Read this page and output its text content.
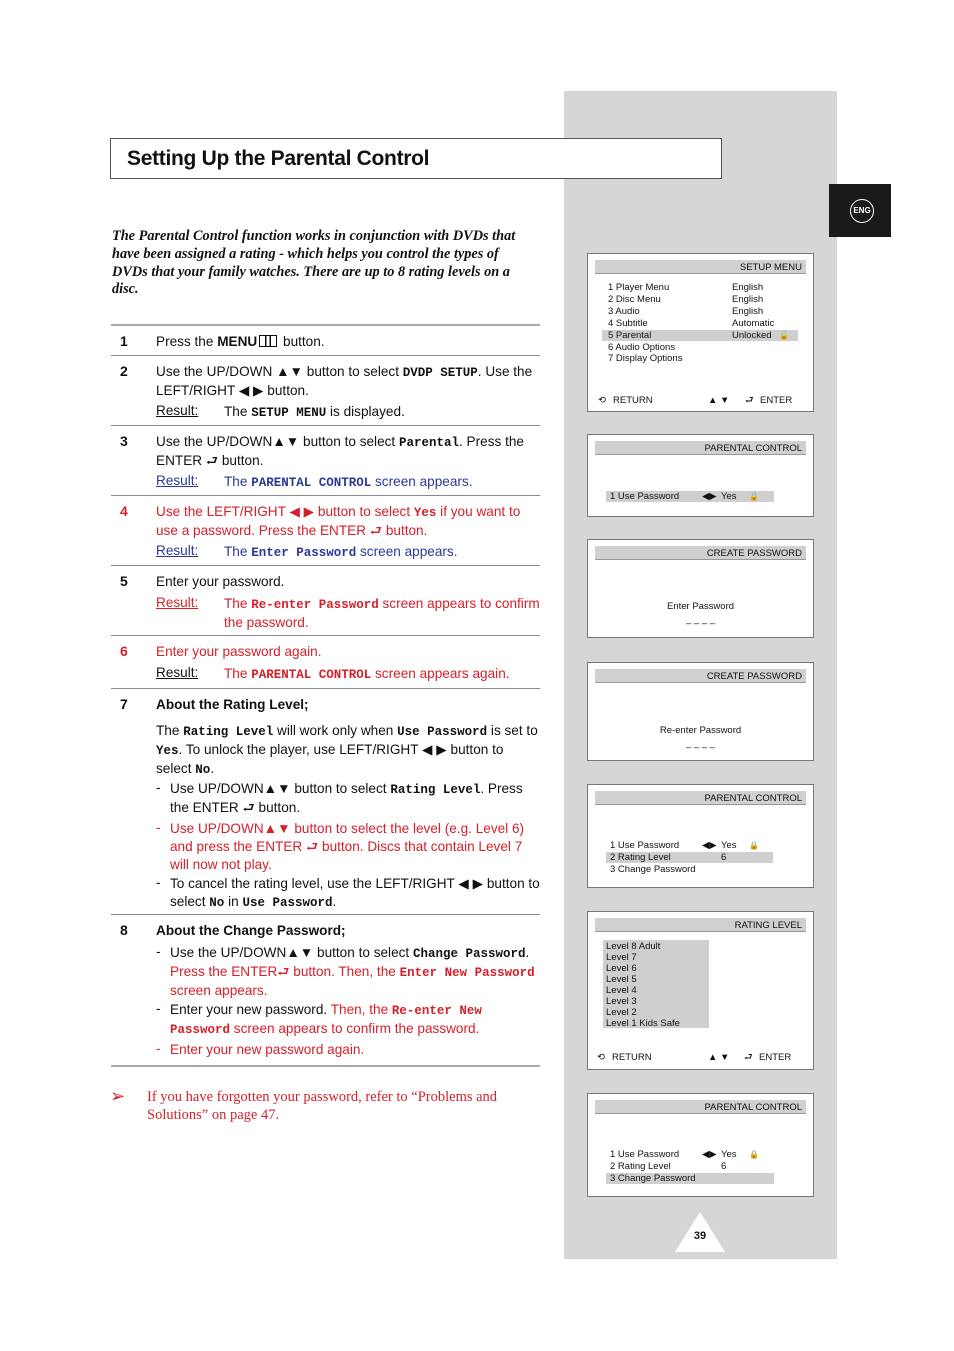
Setting Up the Parental Control
ENG
The Parental Control function works in conjunction with DVDs that have been assigned a rating - which helps you control the types of DVDs that your family watches. There are up to 8 rating levels on a disc.
1 Press the MENU button.
2 Use the UP/DOWN ▲▼ button to select DVDP SETUP. Use the LEFT/RIGHT ◀ ▶ button.
Result: The SETUP MENU is displayed.
3 Use the UP/DOWN▲▼ button to select Parental. Press the ENTER ⮐ button.
Result: The PARENTAL CONTROL screen appears.
4 Use the LEFT/RIGHT ◀ ▶ button to select Yes if you want to use a password. Press the ENTER ⮐ button.
Result: The Enter Password screen appears.
5 Enter your password.
Result: The Re-enter Password screen appears to confirm the password.
6 Enter your password again.
Result: The PARENTAL CONTROL screen appears again.
7 About the Rating Level;
The Rating Level will work only when Use Password is set to Yes. To unlock the player, use LEFT/RIGHT ◀ ▶ button to select No.
- Use UP/DOWN▲▼ button to select Rating Level. Press the ENTER ⮐ button.
- Use UP/DOWN▲▼ button to select the level (e.g. Level 6) and press the ENTER ⮐ button. Discs that contain Level 7 will now not play.
- To cancel the rating level, use the LEFT/RIGHT ◀ ▶ button to select No in Use Password.
8 About the Change Password;
- Use the UP/DOWN▲▼ button to select Change Password. Press the ENTER⮐ button. Then, the Enter New Password screen appears.
- Enter your new password. Then, the Re-enter New Password screen appears to confirm the password.
- Enter your new password again.
➢ If you have forgotten your password, refer to “Problems and Solutions” on page 47.
39
SETUP MENU
1 Player Menu	English
2 Disc Menu	English
3 Audio	English
4 Subtitle	Automatic
5 Parental	Unlocked 🔓
6 Audio Options
7 Display Options
⟲ RETURN	▲ ▼ ⮐ ENTER
PARENTAL CONTROL
1 Use Password ◀▶ Yes 🔒
CREATE PASSWORD
Enter Password
– – – –
CREATE PASSWORD
Re-enter Password
– – – –
PARENTAL CONTROL
1 Use Password ◀▶ Yes 🔒
2 Rating Level	6
3 Change Password
RATING LEVEL
Level 8 Adult
Level 7
Level 6
Level 5
Level 4
Level 3
Level 2
Level 1 Kids Safe
⟲ RETURN	▲ ▼ ⮐ ENTER
PARENTAL CONTROL
1 Use Password ◀▶ Yes 🔒
2 Rating Level	6
3 Change Password
